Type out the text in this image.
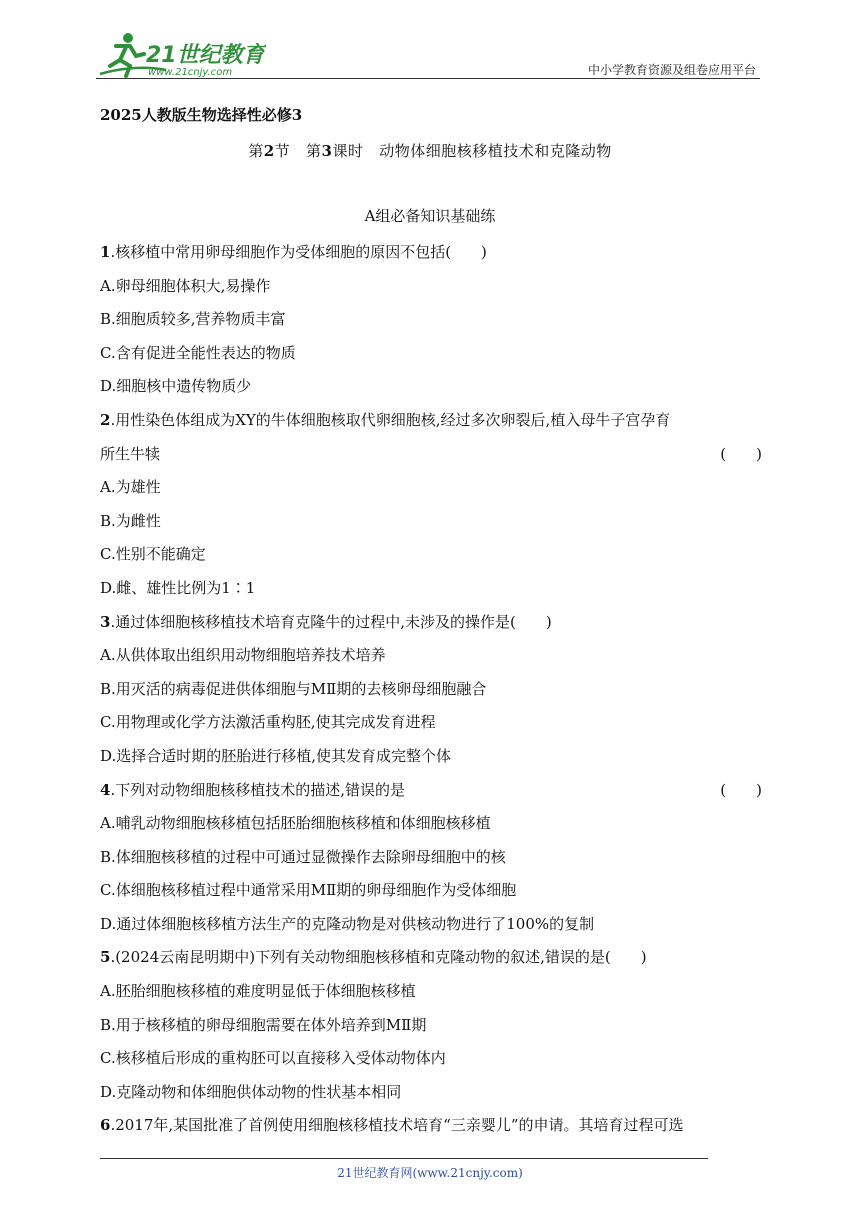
21世纪教育
www.21cnjy.com	中小学教育资源及组卷应用平台
2025人教版生物选择性必修3
第2节 第3课时 动物体细胞核移植技术和克隆动物
A组必备知识基础练
1.核移植中常用卵母细胞作为受体细胞的原因不包括(　　)
A.卵母细胞体积大,易操作
B.细胞质较多,营养物质丰富
C.含有促进全能性表达的物质
D.细胞核中遗传物质少
2.用性染色体组成为XY的牛体细胞核取代卵细胞核,经过多次卵裂后,植入母牛子宫孕育
所生牛犊	(　　)
A.为雄性
B.为雌性
C.性别不能确定
D.雌、雄性比例为1∶1
3.通过体细胞核移植技术培育克隆牛的过程中,未涉及的操作是(　　)
A.从供体取出组织用动物细胞培养技术培养
B.用灭活的病毒促进供体细胞与MⅡ期的去核卵母细胞融合
C.用物理或化学方法激活重构胚,使其完成发育进程
D.选择合适时期的胚胎进行移植,使其发育成完整个体
4.下列对动物细胞核移植技术的描述,错误的是	(　　)
A.哺乳动物细胞核移植包括胚胎细胞核移植和体细胞核移植
B.体细胞核移植的过程中可通过显微操作去除卵母细胞中的核
C.体细胞核移植过程中通常采用MⅡ期的卵母细胞作为受体细胞
D.通过体细胞核移植方法生产的克隆动物是对供核动物进行了100%的复制
5.(2024云南昆明期中)下列有关动物细胞核移植和克隆动物的叙述,错误的是(　　)
A.胚胎细胞核移植的难度明显低于体细胞核移植
B.用于核移植的卵母细胞需要在体外培养到MⅡ期
C.核移植后形成的重构胚可以直接移入受体动物体内
D.克隆动物和体细胞供体动物的性状基本相同
6.2017年,某国批准了首例使用细胞核移植技术培育“三亲婴儿”的申请。其培育过程可选
21世纪教育网(www.21cnjy.com)
